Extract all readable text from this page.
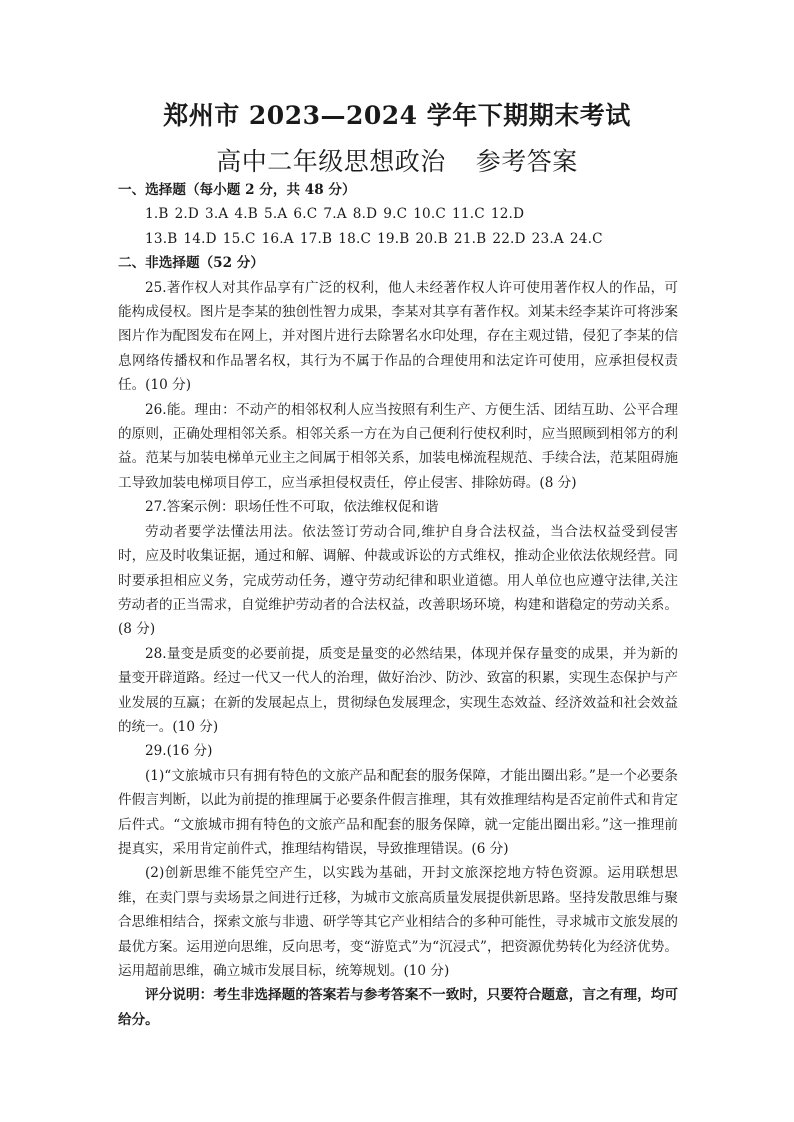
郑州市 2023—2024 学年下期期末考试
高中二年级思想政治 参考答案

一、选择题（每小题 2 分，共 48 分）

1.B 2.D 3.A 4.B 5.A 6.C 7.A 8.D 9.C 10.C 11.C 12.D

13.B 14.D 15.C 16.A 17.B 18.C 19.B 20.B 21.B 22.D 23.A 24.C

二、非选择题（52 分）

25.著作权人对其作品享有广泛的权利，他人未经著作权人许可使用著作权人的作品，可能构成侵权。图片是李某的独创性智力成果，李某对其享有著作权。刘某未经李某许可将涉案图片作为配图发布在网上，并对图片进行去除署名水印处理，存在主观过错，侵犯了李某的信息网络传播权和作品署名权，其行为不属于作品的合理使用和法定许可使用，应承担侵权责任。(10 分)

26.能。理由：不动产的相邻权利人应当按照有利生产、方便生活、团结互助、公平合理的原则，正确处理相邻关系。相邻关系一方在为自己便利行使权利时，应当照顾到相邻方的利益。范某与加装电梯单元业主之间属于相邻关系，加装电梯流程规范、手续合法，范某阻碍施工导致加装电梯项目停工，应当承担侵权责任，停止侵害、排除妨碍。(8 分)

27.答案示例：职场任性不可取，依法维权促和谐

劳动者要学法懂法用法。依法签订劳动合同,维护自身合法权益，当合法权益受到侵害时，应及时收集证据，通过和解、调解、仲裁或诉讼的方式维权，推动企业依法依规经营。同时要承担相应义务，完成劳动任务，遵守劳动纪律和职业道德。用人单位也应遵守法律,关注劳动者的正当需求，自觉维护劳动者的合法权益，改善职场环境，构建和谐稳定的劳动关系。(8 分)

28.量变是质变的必要前提，质变是量变的必然结果，体现并保存量变的成果，并为新的量变开辟道路。经过一代又一代人的治理，做好治沙、防沙、致富的积累，实现生态保护与产业发展的互赢；在新的发展起点上，贯彻绿色发展理念，实现生态效益、经济效益和社会效益的统一。(10 分)

29.(16 分)

(1)“文旅城市只有拥有特色的文旅产品和配套的服务保障，才能出圈出彩。”是一个必要条件假言判断，以此为前提的推理属于必要条件假言推理，其有效推理结构是否定前件式和肯定后件式。“文旅城市拥有特色的文旅产品和配套的服务保障，就一定能出圈出彩。”这一推理前提真实，采用肯定前件式，推理结构错误，导致推理错误。(6 分)

(2)创新思维不能凭空产生，以实践为基础，开封文旅深挖地方特色资源。运用联想思维，在卖门票与卖场景之间进行迁移，为城市文旅高质量发展提供新思路。坚持发散思维与聚合思维相结合，探索文旅与非遗、研学等其它产业相结合的多种可能性，寻求城市文旅发展的最优方案。运用逆向思维，反向思考，变“游览式”为“沉浸式”，把资源优势转化为经济优势。运用超前思维，确立城市发展目标，统筹规划。(10 分)

评分说明：考生非选择题的答案若与参考答案不一致时，只要符合题意，言之有理，均可给分。
